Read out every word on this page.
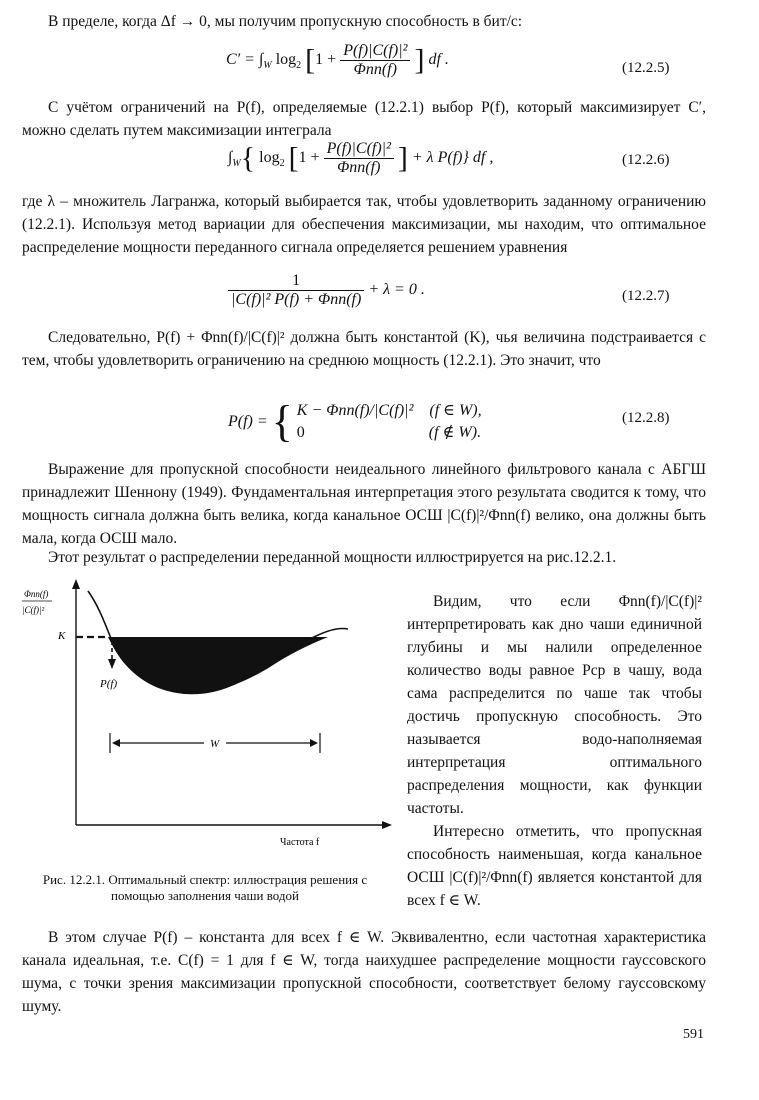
В пределе, когда Δf → 0, мы получим пропускную способность в бит/с:
$C' = \int_W$ $\log_2 [1 + \frac{\text{P(f)|C(f)|²}}{\text{Φnn(f)}}$ ] df .	(12.2.5)
С учётом ограничений на P(f), определяемые (12.2.1) выбор P(f), который максимизирует C′, можно сделать путем максимизации интеграла
$\int_W${ $\log_2 [1 + \frac{\text{P(f)|C(f)|²}}{\text{Φnn(f)}}$ ] + λ P(f)} df ,	(12.2.6)
где λ – множитель Лагранжа, который выбирается так, чтобы удовлетворить заданному ограничению (12.2.1). Используя метод вариации для обеспечения максимизации, мы находим, что оптимальное распределение мощности переданного сигнала определяется решением уравнения
$\frac{1}{\text{|C(f)|² P(f) + Φnn(f)}} + \lambda = 0$ .	(12.2.7)
Следовательно, P(f) + Φnn(f)/|C(f)|² должна быть константой (K), чья величина подстраивается с тем, чтобы удовлетворить ограничению на среднюю мощность (12.2.1). Это значит, что
P(f) = { K − Φnn(f)/|C(f)|² (f ∈ W),
0	(f ∉ W).
(12.2.8)
Выражение для пропускной способности неидеального линейного фильтрового канала с АБГШ принадлежит Шеннону (1949). Фундаментальная интерпретация этого результата сводится к тому, что мощность сигнала должна быть велика, когда канальное ОСШ |C(f)|²/Φnn(f) велико, она должны быть мала, когда ОСШ мало.
Этот результат о распределении переданной мощности иллюстрируется на рис.12.2.1.
Φnn(f)
|C(f)|²
K
P(f)
W
Частота f
Рис. 12.2.1. Оптимальный спектр: иллюстрация решения с помощью заполнения чаши водой
Видим, что если Φnn(f)/|C(f)|² интерпретировать как дно чаши единичной глубины и мы налили определенное количество воды равное Pср в чашу, вода сама распределится по чаше так чтобы достичь пропускную способность. Это называется водо-наполняемая интерпретация оптимального распределения мощности, как функции частоты.
Интересно отметить, что пропускная способность наименьшая, когда канальное ОСШ |C(f)|²/Φnn(f) является константой для всех f ∈ W.
В этом случае P(f) – константа для всех f ∈ W. Эквивалентно, если частотная характеристика канала идеальная, т.е. C(f) = 1 для f ∈ W, тогда наихудшее распределение мощности гауссовского шума, с точки зрения максимизации пропускной способности, соответствует белому гауссовскому шуму.
591
